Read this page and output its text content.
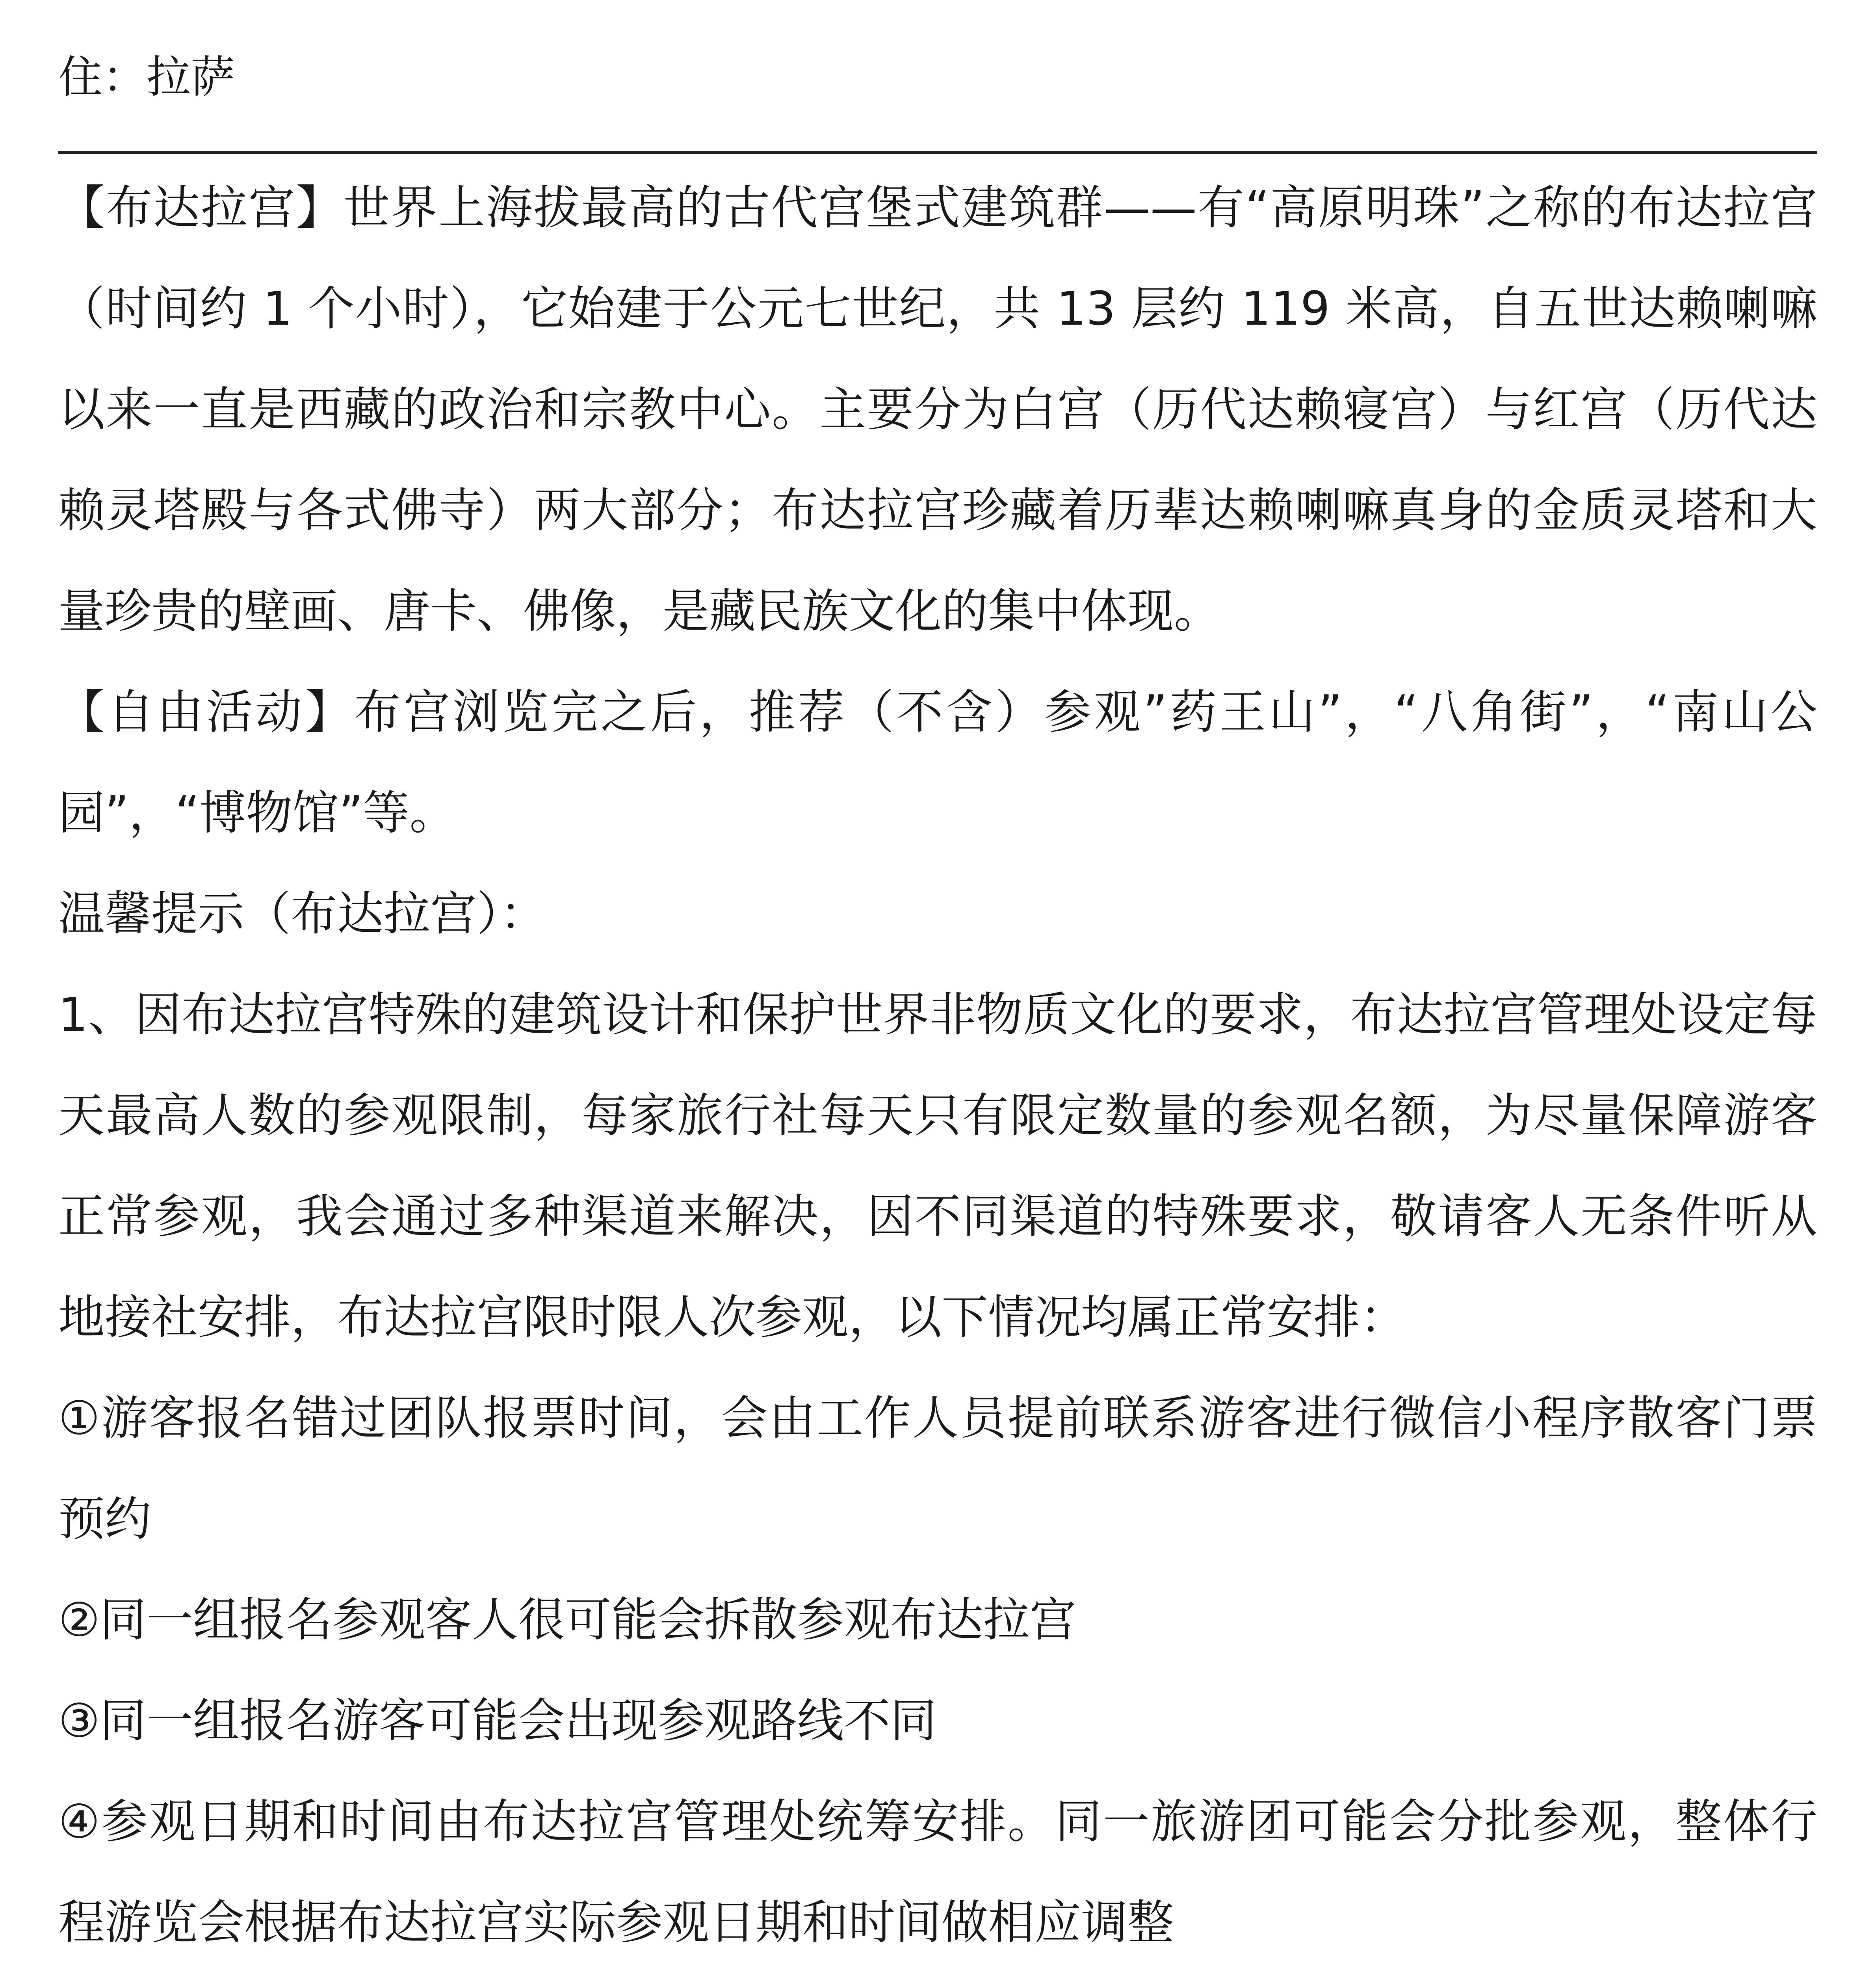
住：拉萨

【布达拉宫】世界上海拔最高的古代宫堡式建筑群——有“高原明珠”之称的布达拉宫（时间约 1 个小时），它始建于公元七世纪，共 13 层约 119 米高，自五世达赖喇嘛以来一直是西藏的政治和宗教中心。主要分为白宫（历代达赖寝宫）与红宫（历代达赖灵塔殿与各式佛寺）两大部分；布达拉宫珍藏着历辈达赖喇嘛真身的金质灵塔和大量珍贵的壁画、唐卡、佛像，是藏民族文化的集中体现。

【自由活动】布宫浏览完之后，推荐（不含）参观”药王山”，“八角街”，“南山公园”，“博物馆”等。

温馨提示（布达拉宫）：

1、因布达拉宫特殊的建筑设计和保护世界非物质文化的要求，布达拉宫管理处设定每天最高人数的参观限制，每家旅行社每天只有限定数量的参观名额，为尽量保障游客正常参观，我会通过多种渠道来解决，因不同渠道的特殊要求，敬请客人无条件听从地接社安排，布达拉宫限时限人次参观，以下情况均属正常安排：

①游客报名错过团队报票时间，会由工作人员提前联系游客进行微信小程序散客门票预约

②同一组报名参观客人很可能会拆散参观布达拉宫

③同一组报名游客可能会出现参观路线不同

④参观日期和时间由布达拉宫管理处统筹安排。同一旅游团可能会分批参观，整体行程游览会根据布达拉宫实际参观日期和时间做相应调整
